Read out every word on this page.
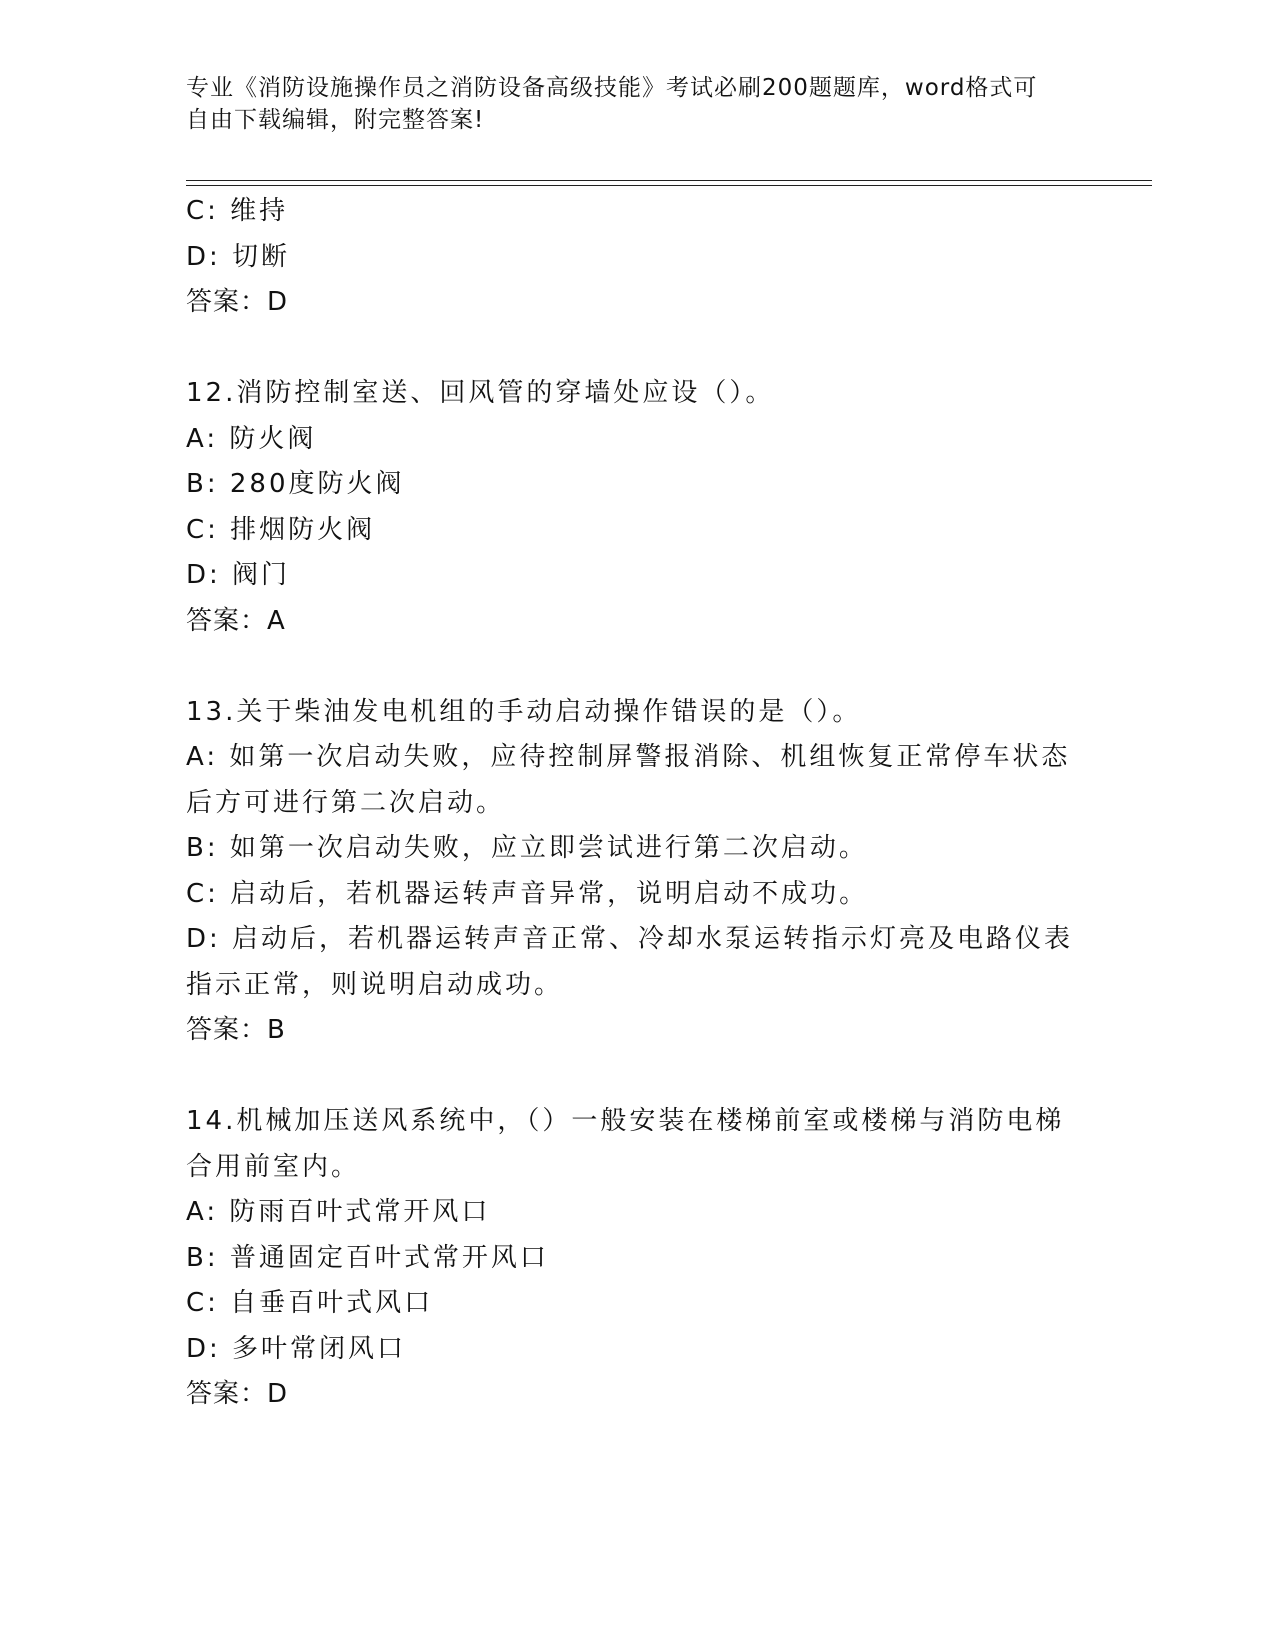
专业《消防设施操作员之消防设备高级技能》考试必刷200题题库，word格式可
自由下载编辑，附完整答案!
C: 维持
D: 切断
答案：D
12.消防控制室送、回风管的穿墙处应设（）。
A: 防火阀
B: 280度防火阀
C: 排烟防火阀
D: 阀门
答案：A
13.关于柴油发电机组的手动启动操作错误的是（）。
A: 如第一次启动失败，应待控制屏警报消除、机组恢复正常停车状态
后方可进行第二次启动。
B: 如第一次启动失败，应立即尝试进行第二次启动。
C: 启动后，若机器运转声音异常，说明启动不成功。
D: 启动后，若机器运转声音正常、冷却水泵运转指示灯亮及电路仪表
指示正常，则说明启动成功。
答案：B
14.机械加压送风系统中，（）一般安装在楼梯前室或楼梯与消防电梯
合用前室内。
A: 防雨百叶式常开风口
B: 普通固定百叶式常开风口
C: 自垂百叶式风口
D: 多叶常闭风口
答案：D
